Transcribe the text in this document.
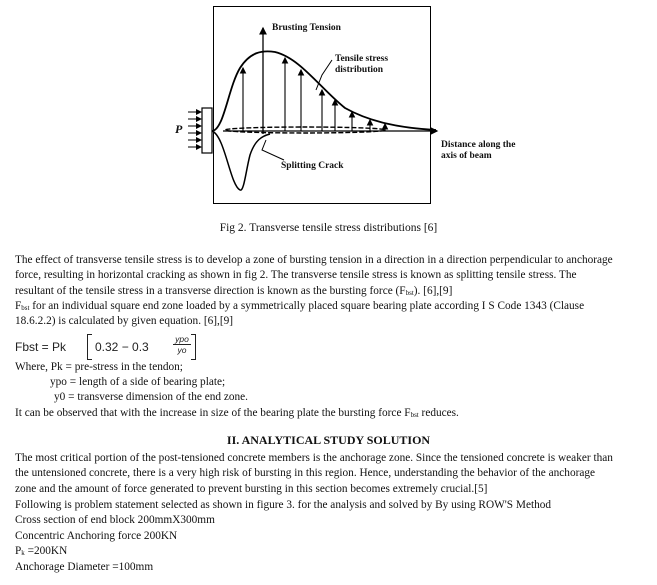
Brusting Tension
Tensile stress
distribution
P
Distance along the
axis of beam
Splitting Crack
Fig 2. Transverse tensile stress distributions [6]
The effect of transverse tensile stress is to develop a zone of bursting tension in a direction in a direction perpendicular to anchorage
force, resulting in horizontal cracking as shown in fig 2. The transverse tensile stress is known as splitting tensile stress. The
resultant of the tensile stress in a transverse direction is known as the bursting force $(F_{bst})$. [6],[9]
$F_{bst}$ for an individual square end zone loaded by a symmetrically placed square bearing plate according I S Code 1343 (Clause
18.6.2.2) is calculated by given equation. [6],[9]
Fbst = Pk 0.32 − 0.3
ypo
yo
Where, Pk = pre-stress in the tendon;
ypo = length of a side of bearing plate;
y0 = transverse dimension of the end zone.
It can be observed that with the increase in size of the bearing plate the bursting force $F_{bst}$ reduces.
II. ANALYTICAL STUDY SOLUTION
The most critical portion of the post-tensioned concrete members is the anchorage zone. Since the tensioned concrete is weaker than
the untensioned concrete, there is a very high risk of bursting in this region. Hence, understanding the behavior of the anchorage
zone and the amount of force generated to prevent bursting in this section becomes extremely crucial.[5]
Following is problem statement selected as shown in figure 3. for the analysis and solved by By using ROW'S Method
Cross section of end block 200mmX300mm
Concentric Anchoring force 200KN
$P_k =200KN$
Anchorage Diameter =100mm
